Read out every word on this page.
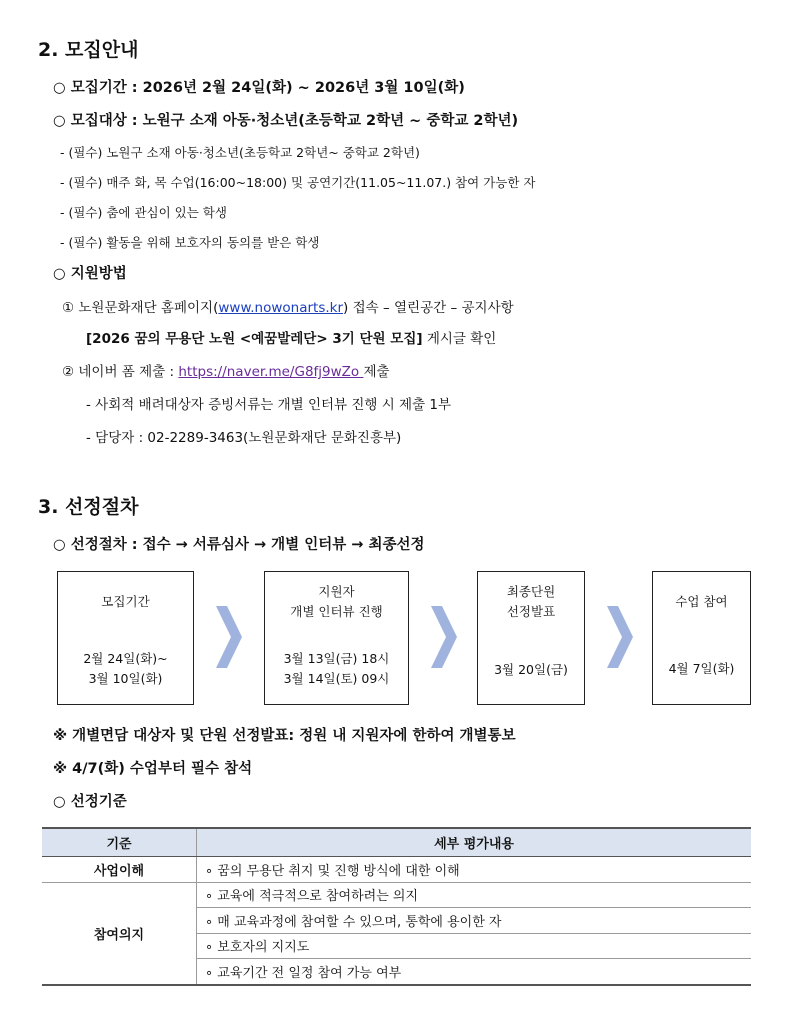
2. 모집안내
○ 모집기간 : 2026년 2월 24일(화) ~ 2026년 3월 10일(화)
○ 모집대상 : 노원구 소재 아동·청소년(초등학교 2학년 ~ 중학교 2학년)
- (필수) 노원구 소재 아동·청소년(초등학교 2학년~ 중학교 2학년)
- (필수) 매주 화, 목 수업(16:00~18:00) 및 공연기간(11.05~11.07.) 참여 가능한 자
- (필수) 춤에 관심이 있는 학생
- (필수) 활동을 위해 보호자의 동의를 받은 학생
○ 지원방법
① 노원문화재단 홈페이지(www.nowonarts.kr) 접속 – 열린공간 – 공지사항
[2026 꿈의 무용단 노원 <예꿈발레단> 3기 단원 모집] 게시글 확인
② 네이버 폼 제출 : https://naver.me/G8fj9wZo 제출
- 사회적 배려대상자 증빙서류는 개별 인터뷰 진행 시 제출 1부
- 담당자 : 02-2289-3463(노원문화재단 문화진흥부)
3. 선정절차
○ 선정절차 : 접수 → 서류심사 → 개별 인터뷰 → 최종선정
모집기간
2월 24일(화)~
3월 10일(화)
지원자
개별 인터뷰 진행
3월 13일(금) 18시
3월 14일(토) 09시
최종단원
선정발표
3월 20일(금)
수업 참여
4월 7일(화)
※ 개별면담 대상자 및 단원 선정발표: 정원 내 지원자에 한하여 개별통보
※ 4/7(화) 수업부터 필수 참석
○ 선정기준
기준	세부 평가내용
사업이해	∘ 꿈의 무용단 취지 및 진행 방식에 대한 이해
참여의지	∘ 교육에 적극적으로 참여하려는 의지
	∘ 매 교육과정에 참여할 수 있으며, 통학에 용이한 자
	∘ 보호자의 지지도
	∘ 교육기간 전 일정 참여 가능 여부
